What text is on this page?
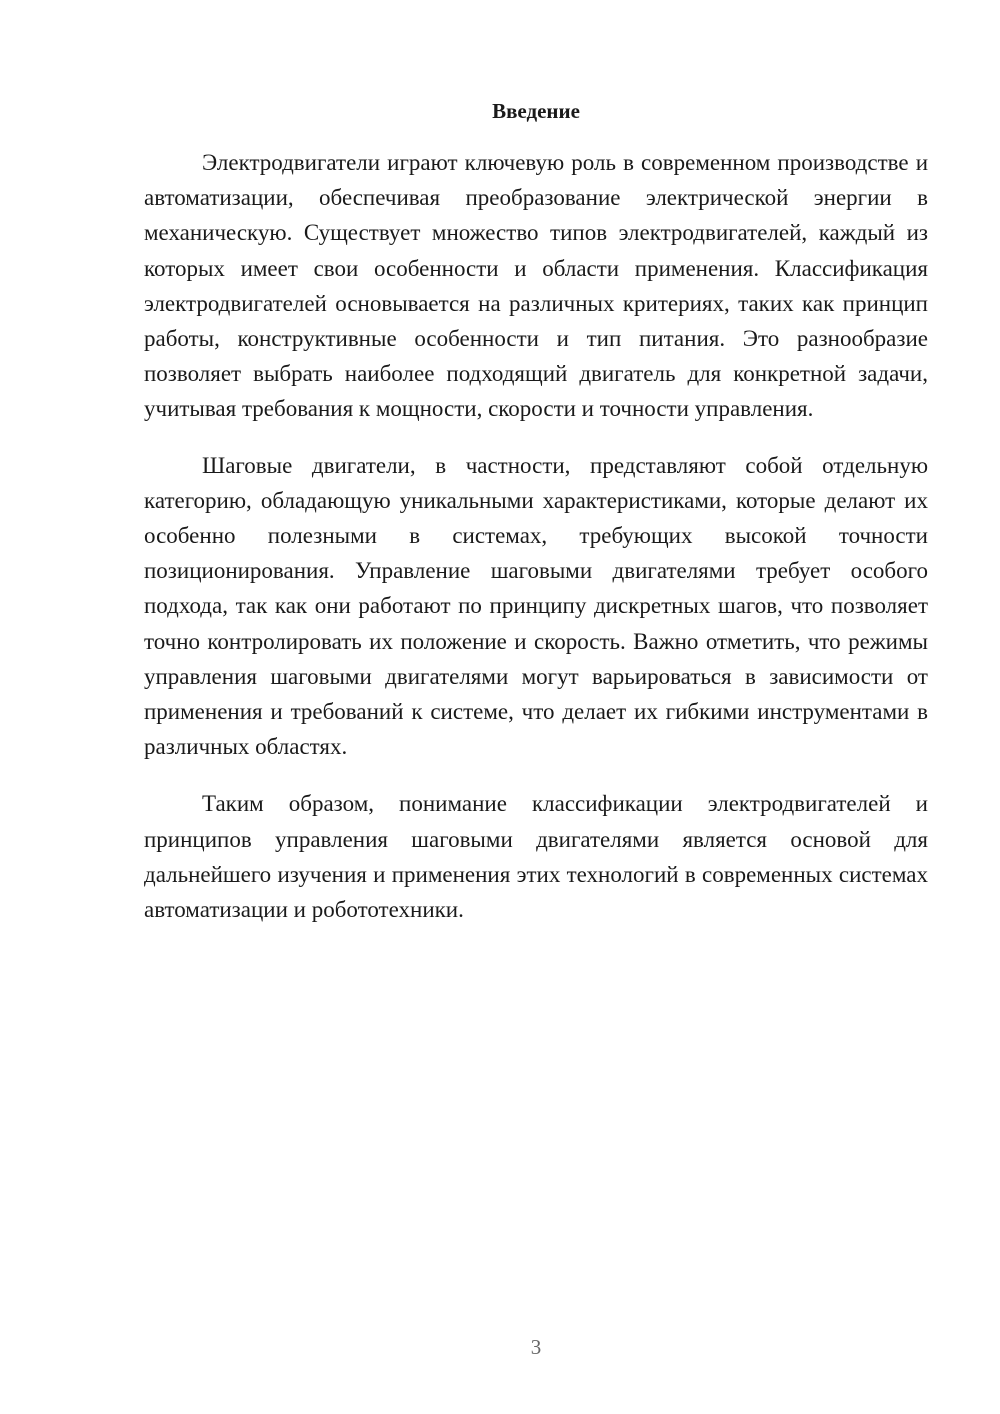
Введение

Электродвигатели играют ключевую роль в современном производстве и автоматизации, обеспечивая преобразование электрической энергии в механическую. Существует множество типов электродвигателей, каждый из которых имеет свои особенности и области применения. Классификация электродвигателей основывается на различных критериях, таких как принцип работы, конструктивные особенности и тип питания. Это разнообразие позволяет выбрать наиболее подходящий двигатель для конкретной задачи, учитывая требования к мощности, скорости и точности управления.

Шаговые двигатели, в частности, представляют собой отдельную категорию, обладающую уникальными характеристиками, которые делают их особенно полезными в системах, требующих высокой точности позиционирования. Управление шаговыми двигателями требует особого подхода, так как они работают по принципу дискретных шагов, что позволяет точно контролировать их положение и скорость. Важно отметить, что режимы управления шаговыми двигателями могут варьироваться в зависимости от применения и требований к системе, что делает их гибкими инструментами в различных областях.

Таким образом, понимание классификации электродвигателей и принципов управления шаговыми двигателями является основой для дальнейшего изучения и применения этих технологий в современных системах автоматизации и робототехники.

3
